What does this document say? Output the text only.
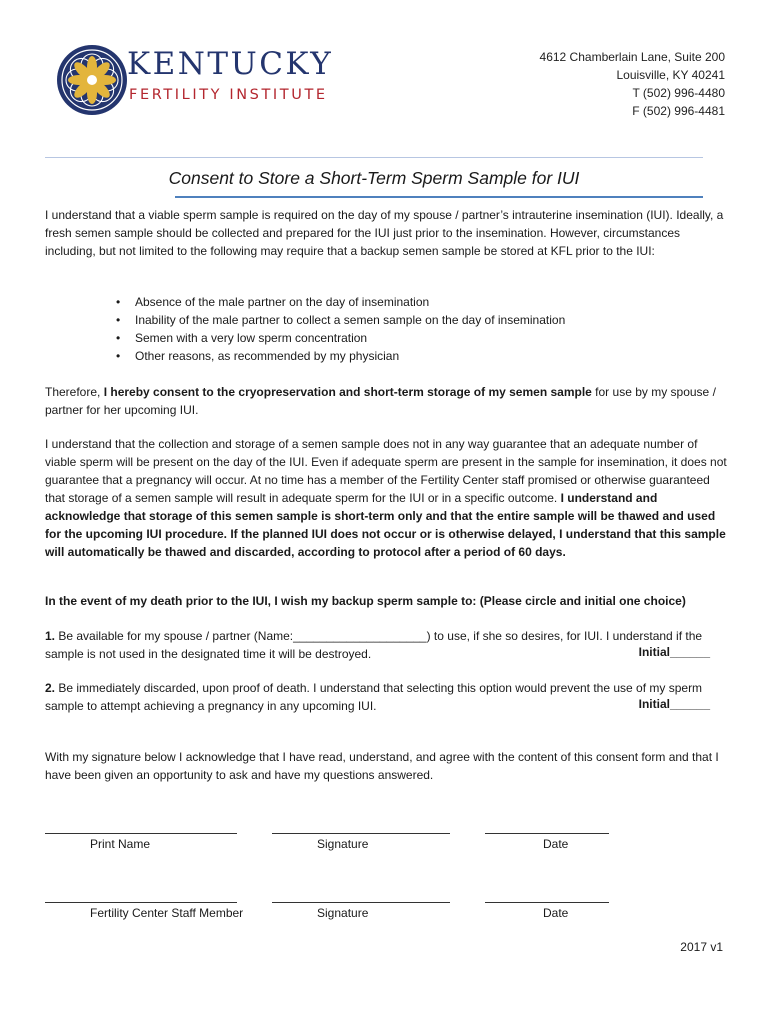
KENTUCKY
FERTILITY INSTITUTE
4612 Chamberlain Lane, Suite 200
Louisville, KY 40241
T (502) 996-4480
F (502) 996-4481
Consent to Store a Short-Term Sperm Sample for IUI
I understand that a viable sperm sample is required on the day of my spouse / partner’s intrauterine insemination (IUI). Ideally, a fresh semen sample should be collected and prepared for the IUI just prior to the insemination. However, circumstances including, but not limited to the following may require that a backup semen sample be stored at KFL prior to the IUI:
• Absence of the male partner on the day of insemination
• Inability of the male partner to collect a semen sample on the day of insemination
• Semen with a very low sperm concentration
• Other reasons, as recommended by my physician
Therefore, I hereby consent to the cryopreservation and short-term storage of my semen sample for use by my spouse / partner for her upcoming IUI.
I understand that the collection and storage of a semen sample does not in any way guarantee that an adequate number of viable sperm will be present on the day of the IUI. Even if adequate sperm are present in the sample for insemination, it does not guarantee that a pregnancy will occur. At no time has a member of the Fertility Center staff promised or otherwise guaranteed that storage of a semen sample will result in adequate sperm for the IUI or in a specific outcome. I understand and acknowledge that storage of this semen sample is short-term only and that the entire sample will be thawed and used for the upcoming IUI procedure. If the planned IUI does not occur or is otherwise delayed, I understand that this sample will automatically be thawed and discarded, according to protocol after a period of 60 days.
In the event of my death prior to the IUI, I wish my backup sperm sample to: (Please circle and initial one choice)
1. Be available for my spouse / partner (Name:____________________) to use, if she so desires, for IUI. I understand if the sample is not used in the designated time it will be destroyed.	Initial______
2. Be immediately discarded, upon proof of death. I understand that selecting this option would prevent the use of my sperm sample to attempt achieving a pregnancy in any upcoming IUI.	Initial______
With my signature below I acknowledge that I have read, understand, and agree with the content of this consent form and that I have been given an opportunity to ask and have my questions answered.
Print Name	Signature	Date
Fertility Center Staff Member	Signature	Date
2017 v1
